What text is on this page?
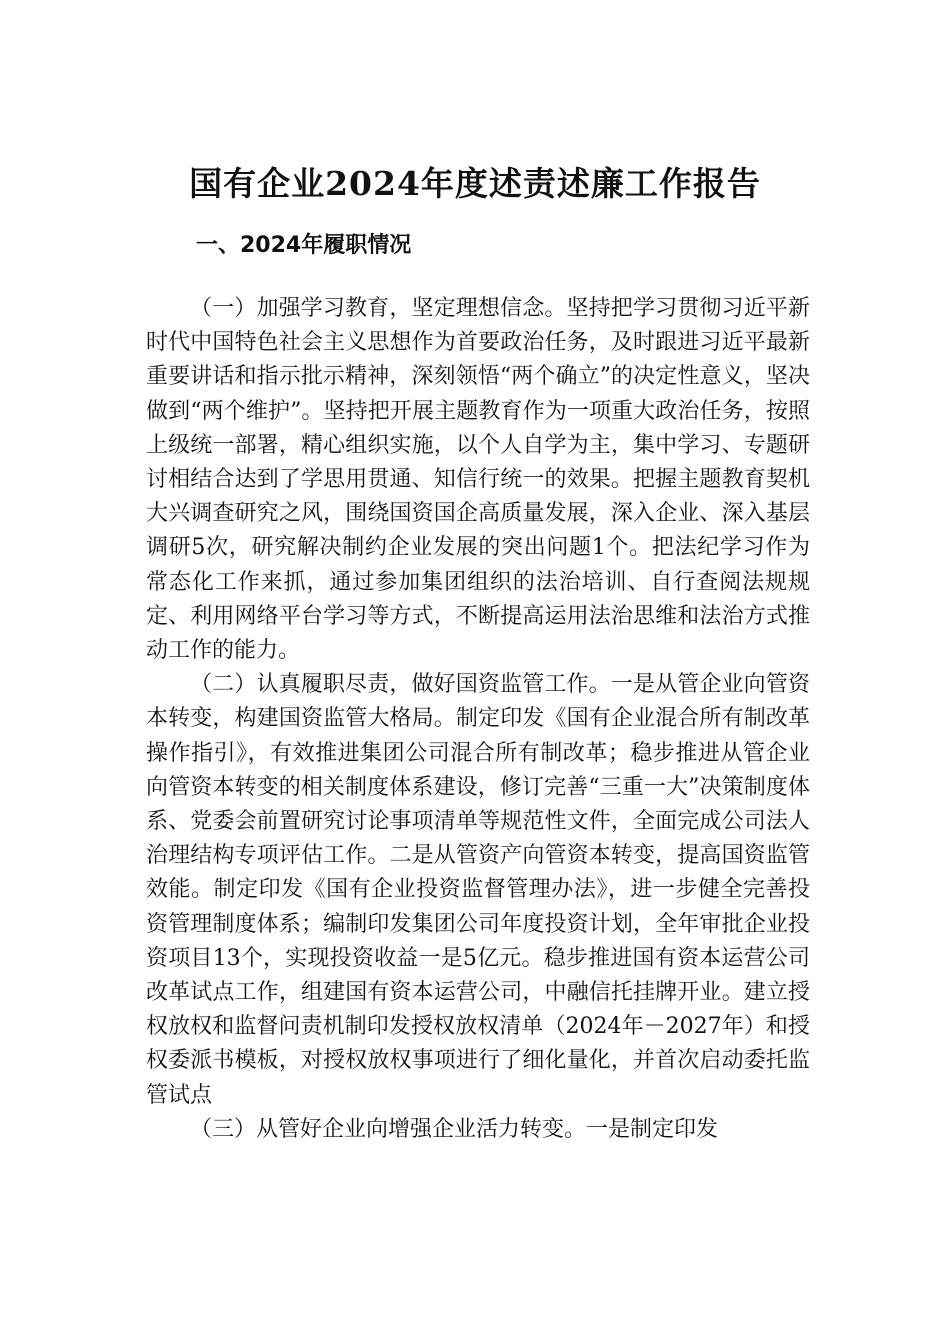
国有企业2024年度述责述廉工作报告
一、2024年履职情况

（一）加强学习教育，坚定理想信念。坚持把学习贯彻习近平新时代中国特色社会主义思想作为首要政治任务，及时跟进习近平最新重要讲话和指示批示精神，深刻领悟“两个确立”的决定性意义，坚决做到“两个维护”。坚持把开展主题教育作为一项重大政治任务，按照上级统一部署，精心组织实施，以个人自学为主，集中学习、专题研讨相结合达到了学思用贯通、知信行统一的效果。把握主题教育契机大兴调查研究之风，围绕国资国企高质量发展，深入企业、深入基层调研5次，研究解决制约企业发展的突出问题1个。把法纪学习作为常态化工作来抓，通过参加集团组织的法治培训、自行查阅法规规定、利用网络平台学习等方式，不断提高运用法治思维和法治方式推动工作的能力。

（二）认真履职尽责，做好国资监管工作。一是从管企业向管资本转变，构建国资监管大格局。制定印发《国有企业混合所有制改革操作指引》，有效推进集团公司混合所有制改革；稳步推进从管企业向管资本转变的相关制度体系建设，修订完善“三重一大”决策制度体系、党委会前置研究讨论事项清单等规范性文件，全面完成公司法人治理结构专项评估工作。二是从管资产向管资本转变，提高国资监管效能。制定印发《国有企业投资监督管理办法》，进一步健全完善投资管理制度体系；编制印发集团公司年度投资计划，全年审批企业投资项目13个，实现投资收益一是5亿元。稳步推进国有资本运营公司改革试点工作，组建国有资本运营公司，中融信托挂牌开业。建立授权放权和监督问责机制印发授权放权清单（2024年－2027年）和授权委派书模板，对授权放权事项进行了细化量化，并首次启动委托监管试点

（三）从管好企业向增强企业活力转变。一是制定印发
